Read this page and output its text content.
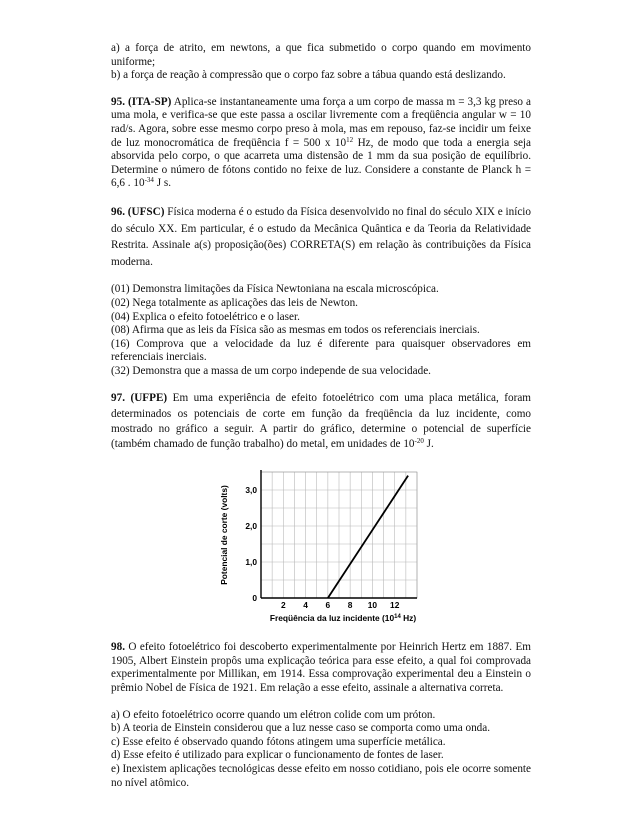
a) a força de atrito, em newtons, a que fica submetido o corpo quando em movimento uniforme;

b) a força de reação à compressão que o corpo faz sobre a tábua quando está deslizando.

95. (ITA-SP) Aplica-se instantaneamente uma força a um corpo de massa m = 3,3 kg preso a uma mola, e verifica-se que este passa a oscilar livremente com a freqüência angular w = 10 rad/s. Agora, sobre esse mesmo corpo preso à mola, mas em repouso, faz-se incidir um feixe de luz monocromática de freqüência f = 500 x $10^{12}$ Hz, de modo que toda a energia seja absorvida pelo corpo, o que acarreta uma distensão de 1 mm da sua posição de equilíbrio. Determine o número de fótons contido no feixe de luz. Considere a constante de Planck h = 6,6 . $10^{-34}$ J s.

96. (UFSC) Física moderna é o estudo da Física desenvolvido no final do século XIX e início do século XX. Em particular, é o estudo da Mecânica Quântica e da Teoria da Relatividade Restrita. Assinale a(s) proposição(ões) CORRETA(S) em relação às contribuições da Física moderna.

(01) Demonstra limitações da Física Newtoniana na escala microscópica.

(02) Nega totalmente as aplicações das leis de Newton.

(04) Explica o efeito fotoelétrico e o laser.

(08) Afirma que as leis da Física são as mesmas em todos os referenciais inerciais.

(16) Comprova que a velocidade da luz é diferente para quaisquer observadores em referenciais inerciais.

(32) Demonstra que a massa de um corpo independe de sua velocidade.

97. (UFPE) Em uma experiência de efeito fotoelétrico com uma placa metálica, foram determinados os potenciais de corte em função da freqüência da luz incidente, como mostrado no gráfico a seguir. A partir do gráfico, determine o potencial de superfície (também chamado de função trabalho) do metal, em unidades de $10^{-20}$ J.

2 4 6 8 10 12
0
1,0
2,0
3,0
Potencial de corte (volts)
Freqüência da luz incidente ($10^{14}$ Hz)

98. O efeito fotoelétrico foi descoberto experimentalmente por Heinrich Hertz em 1887. Em 1905, Albert Einstein propôs uma explicação teórica para esse efeito, a qual foi comprovada experimentalmente por Millikan, em 1914. Essa comprovação experimental deu a Einstein o prêmio Nobel de Física de 1921. Em relação a esse efeito, assinale a alternativa correta.

a) O efeito fotoelétrico ocorre quando um elétron colide com um próton.

b) A teoria de Einstein considerou que a luz nesse caso se comporta como uma onda.

c) Esse efeito é observado quando fótons atingem uma superfície metálica.

d) Esse efeito é utilizado para explicar o funcionamento de fontes de laser.

e) Inexistem aplicações tecnológicas desse efeito em nosso cotidiano, pois ele ocorre somente no nível atômico.
